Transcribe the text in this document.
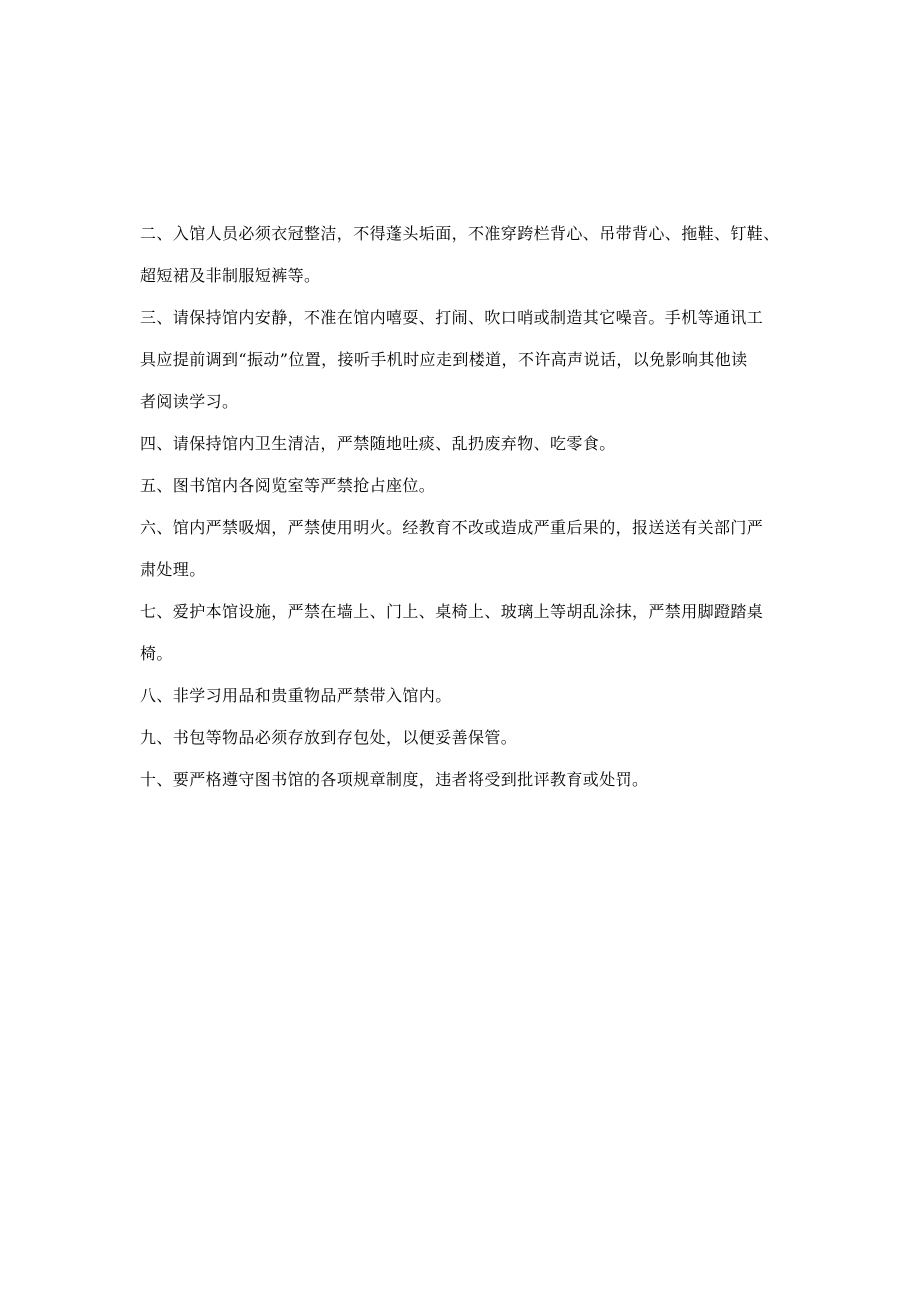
二、入馆人员必须衣冠整洁，不得蓬头垢面，不准穿跨栏背心、吊带背心、拖鞋、钉鞋、
超短裙及非制服短裤等。
三、请保持馆内安静，不准在馆内嘻耍、打闹、吹口哨或制造其它噪音。手机等通讯工
具应提前调到“振动”位置，接听手机时应走到楼道，不许高声说话，以免影响其他读
者阅读学习。
四、请保持馆内卫生清洁，严禁随地吐痰、乱扔废弃物、吃零食。
五、图书馆内各阅览室等严禁抢占座位。
六、馆内严禁吸烟，严禁使用明火。经教育不改或造成严重后果的，报送送有关部门严
肃处理。
七、爱护本馆设施，严禁在墙上、门上、桌椅上、玻璃上等胡乱涂抹，严禁用脚蹬踏桌
椅。
八、非学习用品和贵重物品严禁带入馆内。
九、书包等物品必须存放到存包处，以便妥善保管。
十、要严格遵守图书馆的各项规章制度，违者将受到批评教育或处罚。
